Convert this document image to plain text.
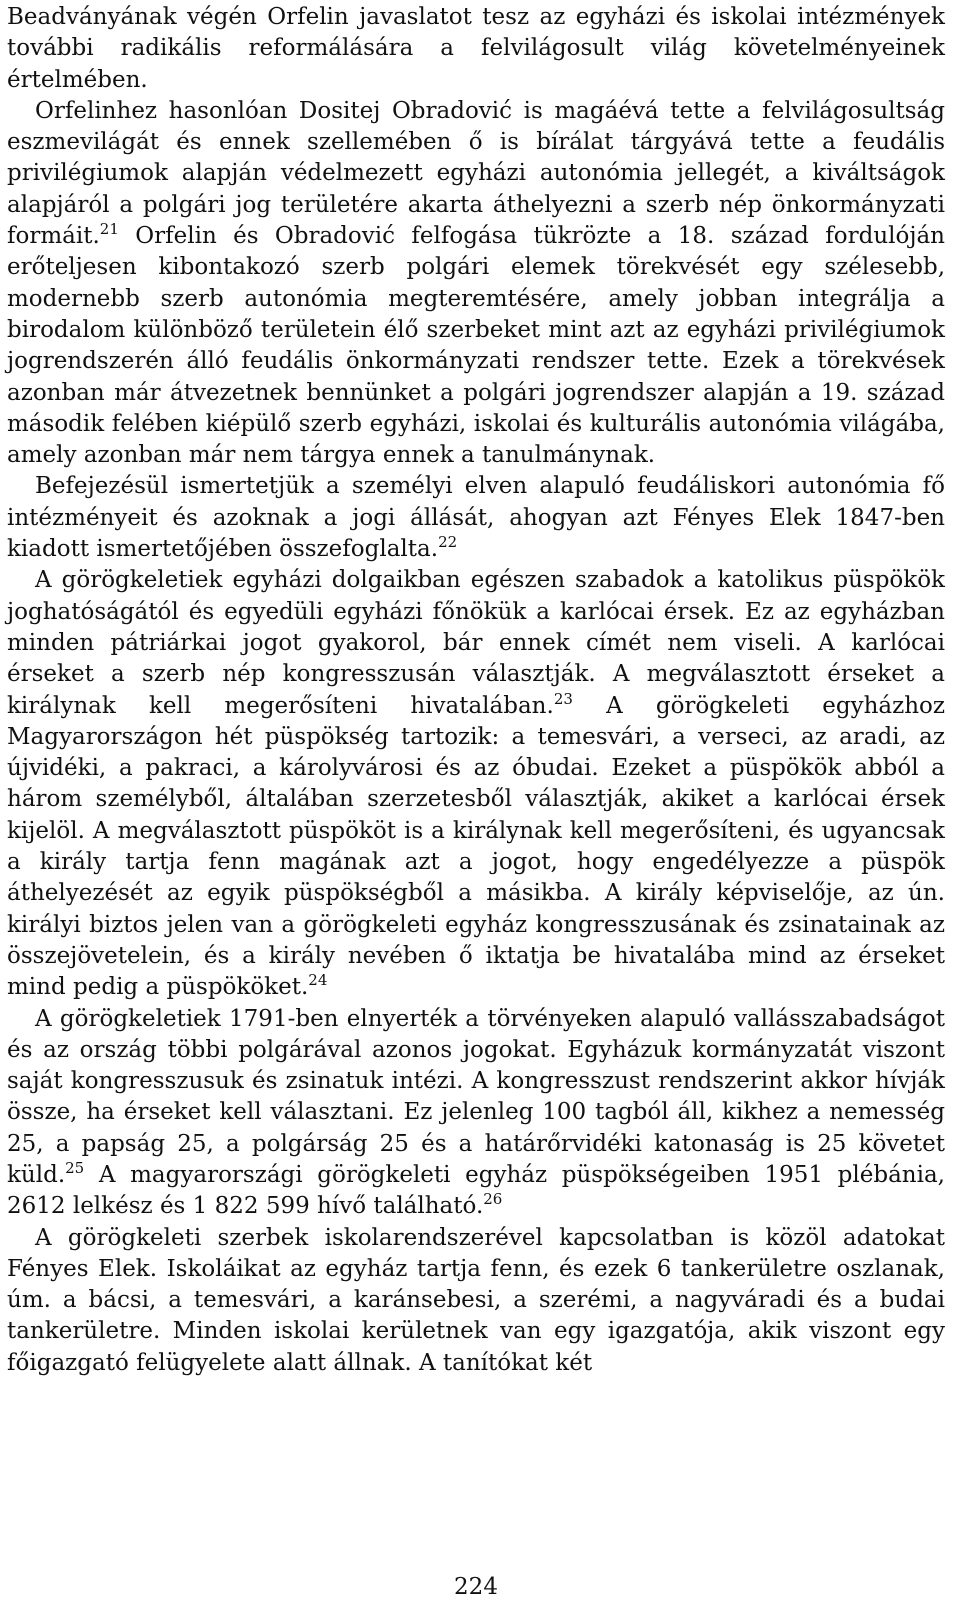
Beadványának végén Orfelin javaslatot tesz az egyházi és iskolai intézmények további radikális reformálására a felvilágosult világ követelményeinek értelmében.

Orfelinhez hasonlóan Dositej Obradović is magáévá tette a felvilágosultság eszmevilágát és ennek szellemében ő is bírálat tárgyává tette a feudális privilégiumok alapján védelmezett egyházi autonómia jellegét, a kiváltságok alapjáról a polgári jog területére akarta áthelyezni a szerb nép önkormányzati formáit.$^{21}$ Orfelin és Obradović felfogása tükrözte a 18. század fordulóján erőteljesen kibontakozó szerb polgári elemek törekvését egy szélesebb, modernebb szerb autonómia megteremtésére, amely jobban integrálja a birodalom különböző területein élő szerbeket mint azt az egyházi privilégiumok jogrendszerén álló feudális önkormányzati rendszer tette. Ezek a törekvések azonban már átvezetnek bennünket a polgári jogrendszer alapján a 19. század második felében kiépülő szerb egyházi, iskolai és kulturális autonómia világába, amely azonban már nem tárgya ennek a tanulmánynak.

Befejezésül ismertetjük a személyi elven alapuló feudáliskori autonómia fő intézményeit és azoknak a jogi állását, ahogyan azt Fényes Elek 1847-ben kiadott ismertetőjében összefoglalta.$^{22}$

A görögkeletiek egyházi dolgaikban egészen szabadok a katolikus püspökök joghatóságától és egyedüli egyházi főnökük a karlócai érsek. Ez az egyházban minden pátriárkai jogot gyakorol, bár ennek címét nem viseli. A karlócai érseket a szerb nép kongresszusán választják. A megválasztott érseket a királynak kell megerősíteni hivatalában.$^{23}$ A görögkeleti egyházhoz Magyarországon hét püspökség tartozik: a temesvári, a verseci, az aradi, az újvidéki, a pakraci, a károlyvárosi és az óbudai. Ezeket a püspökök abból a három személyből, általában szerzetesből választják, akiket a karlócai érsek kijelöl. A megválasztott püspököt is a királynak kell megerősíteni, és ugyancsak a király tartja fenn magának azt a jogot, hogy engedélyezze a püspök áthelyezését az egyik püspökségből a másikba. A király képviselője, az ún. királyi biztos jelen van a görögkeleti egyház kongresszusának és zsinatainak az összejövetelein, és a király nevében ő iktatja be hivatalába mind az érseket mind pedig a püspököket.$^{24}$

A görögkeletiek 1791-ben elnyerték a törvényeken alapuló vallásszabadságot és az ország többi polgárával azonos jogokat. Egyházuk kormányzatát viszont saját kongresszusuk és zsinatuk intézi. A kongresszust rendszerint akkor hívják össze, ha érseket kell választani. Ez jelenleg 100 tagból áll, kikhez a nemesség 25, a papság 25, a polgárság 25 és a határőrvidéki katonaság is 25 követet küld.$^{25}$ A magyarországi görögkeleti egyház püspökségeiben 1951 plébánia, 2612 lelkész és 1 822 599 hívő található.$^{26}$

A görögkeleti szerbek iskolarendszerével kapcsolatban is közöl adatokat Fényes Elek. Iskoláikat az egyház tartja fenn, és ezek 6 tankerületre oszlanak, úm. a bácsi, a temesvári, a karánsebesi, a szerémi, a nagyváradi és a budai tankerületre. Minden iskolai kerületnek van egy igazgatója, akik viszont egy főigazgató felügyelete alatt állnak. A tanítókat két

224
